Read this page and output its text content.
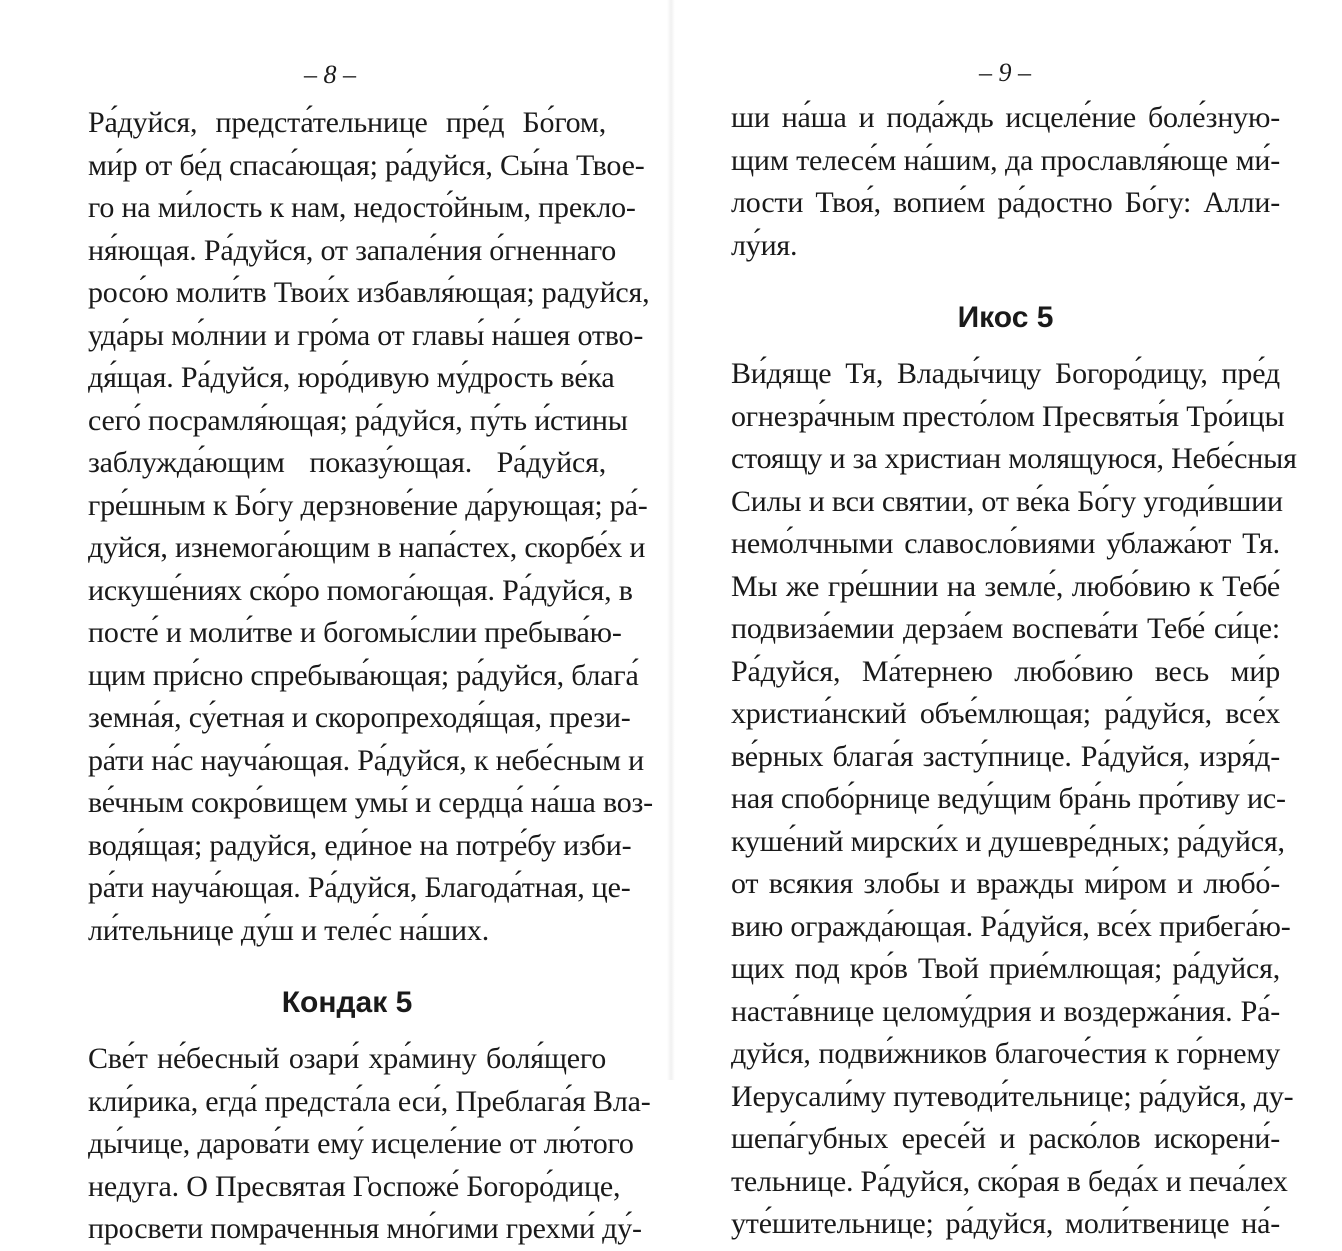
– 8 –
Ра́дуйся, предста́тельнице пре́д Бо́гом,
ми́р от бе́д спаса́ющая; ра́дуйся, Сы́на Твое-
го на ми́лость к нам, недосто́йным, прекло-
ня́ющая. Ра́дуйся, от запале́ния о́гненнаго
росо́ю моли́тв Твои́х избавля́ющая; радуйся,
уда́ры мо́лнии и гро́ма от главы́ на́шея отво-
дя́щая. Ра́дуйся, юро́дивую му́дрость ве́ка
сего́ посрамля́ющая; ра́дуйся, пу́ть и́стины
заблужда́ющим показу́ющая. Ра́дуйся,
гре́шным к Бо́гу дерзнове́ние да́рующая; ра́-
дуйся, изнемога́ющим в напа́стех, скорбе́х и
искуше́ниях ско́ро помога́ющая. Ра́дуйся, в
посте́ и моли́тве и богомы́слии пребыва́ю-
щим при́сно спребыва́ющая; ра́дуйся, блага́
земна́я, су́етная и скоропреходя́щая, прези-
ра́ти на́с науча́ющая. Ра́дуйся, к небе́сным и
ве́чным сокро́вищем умы́ и сердца́ на́ша воз-
водя́щая; радуйся, еди́ное на потре́бу изби-
ра́ти науча́ющая. Ра́дуйся, Благода́тная, це-
ли́тельнице ду́ш и теле́с на́ших.
Кондак 5
Све́т не́бесный озари́ хра́мину боля́щего
кли́рика, егда́ предста́ла еси́, Преблага́я Вла-
ды́чице, дарова́ти ему́ исцеле́ние от лю́того
недуга. О Пресвятая Госпоже́ Богоро́дице,
просвети помраченныя мно́гими грехми́ ду́-
– 9 –
ши на́ша и пода́ждь исцеле́ние боле́зную-
щим телесе́м на́шим, да прославля́юще ми́-
лости Твоя́, вопие́м ра́достно Бо́гу: Алли-
лу́ия.
Икос 5
Ви́дяще Тя, Влады́чицу Богоро́дицу, пре́д
огнезра́чным престо́лом Пресвяты́я Тро́ицы
стоящу и за христиан молящуюся, Небе́сныя
Силы и вси святии, от ве́ка Бо́гу угоди́вшии
немо́лчными славосло́виями ублажа́ют Тя.
Мы же гре́шнии на земле́, любо́вию к Тебе́
подвиза́емии дерза́ем воспева́ти Тебе́ си́це:
Ра́дуйся, Ма́тернею любо́вию весь ми́р
христиа́нский объе́млющая; ра́дуйся, все́х
ве́рных блага́я засту́пнице. Ра́дуйся, изря́д-
ная спобо́рнице веду́щим бра́нь про́тиву ис-
куше́ний мирски́х и душевре́дных; ра́дуйся,
от всякия злобы и вражды ми́ром и любо́-
вию огражда́ющая. Ра́дуйся, все́х прибега́ю-
щих под кро́в Твой прие́млющая; ра́дуйся,
наста́внице целому́дрия и воздержа́ния. Ра́-
дуйся, подви́жников благоче́стия к го́рнему
Иерусали́му путеводи́тельнице; ра́дуйся, ду-
шепа́губных ересе́й и раско́лов искорени́-
тельнице. Ра́дуйся, ско́рая в беда́х и печа́лех
уте́шительнице; ра́дуйся, моли́твенице на́-
